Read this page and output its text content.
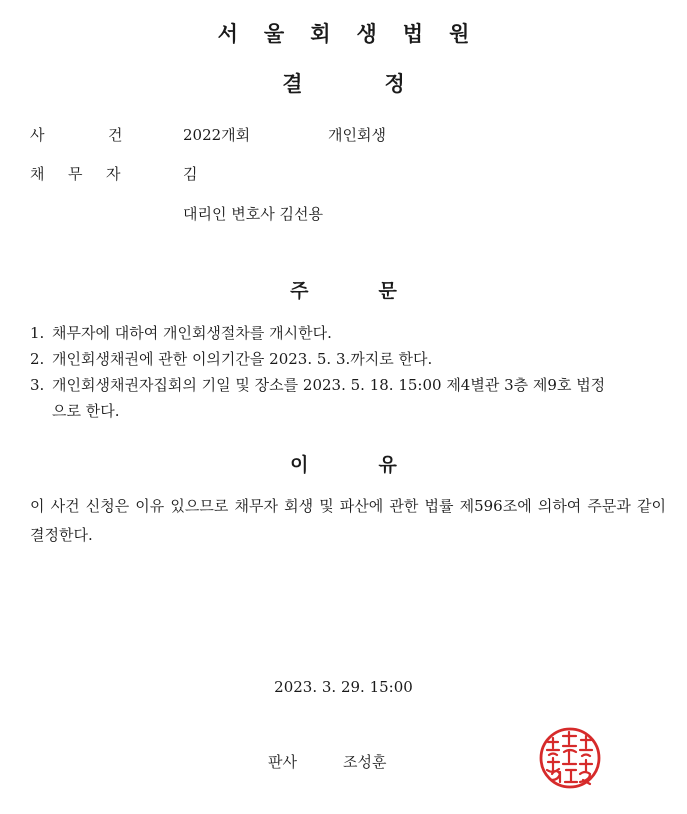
서울회생법원
결	정
사	건	2022개회	개인회생
채 무 자	김
대리인 변호사 김선용
주	문
1. 채무자에 대하여 개인회생절차를 개시한다.
2. 개인회생채권에 관한 이의기간을 2023. 5. 3.까지로 한다.
3. 개인회생채권자집회의 기일 및 장소를 2023. 5. 18. 15:00 제4별관 3층 제9호 법정
으로 한다.
이	유
이 사건 신청은 이유 있으므로 채무자 회생 및 파산에 관한 법률 제596조에 의하여 주문과 같이 결정한다.
2023. 3. 29. 15:00
판사	조성훈
